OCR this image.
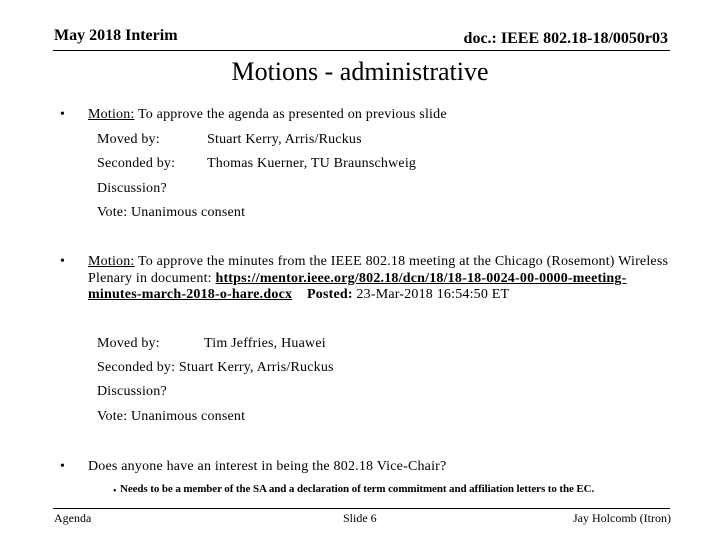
May 2018 Interim	doc.: IEEE 802.18-18/0050r03
Motions - administrative
• Motion: To approve the agenda as presented on previous slide
Moved by:	Stuart Kerry, Arris/Ruckus
Seconded by: Thomas Kuerner, TU Braunschweig
Discussion?
Vote: Unanimous consent
• Motion: To approve the minutes from the IEEE 802.18 meeting at the Chicago (Rosemont) Wireless Plenary in document: https://mentor.ieee.org/802.18/dcn/18/18-18-0024-00-0000-meeting-minutes-march-2018-o-hare.docx Posted: 23-Mar-2018 16:54:50 ET
Moved by:	Tim Jeffries, Huawei
Seconded by: Stuart Kerry, Arris/Ruckus
Discussion?
Vote: Unanimous consent
• Does anyone have an interest in being the 802.18 Vice-Chair?
• Needs to be a member of the SA and a declaration of term commitment and affiliation letters to the EC.
Agenda	Slide 6	Jay Holcomb (Itron)
